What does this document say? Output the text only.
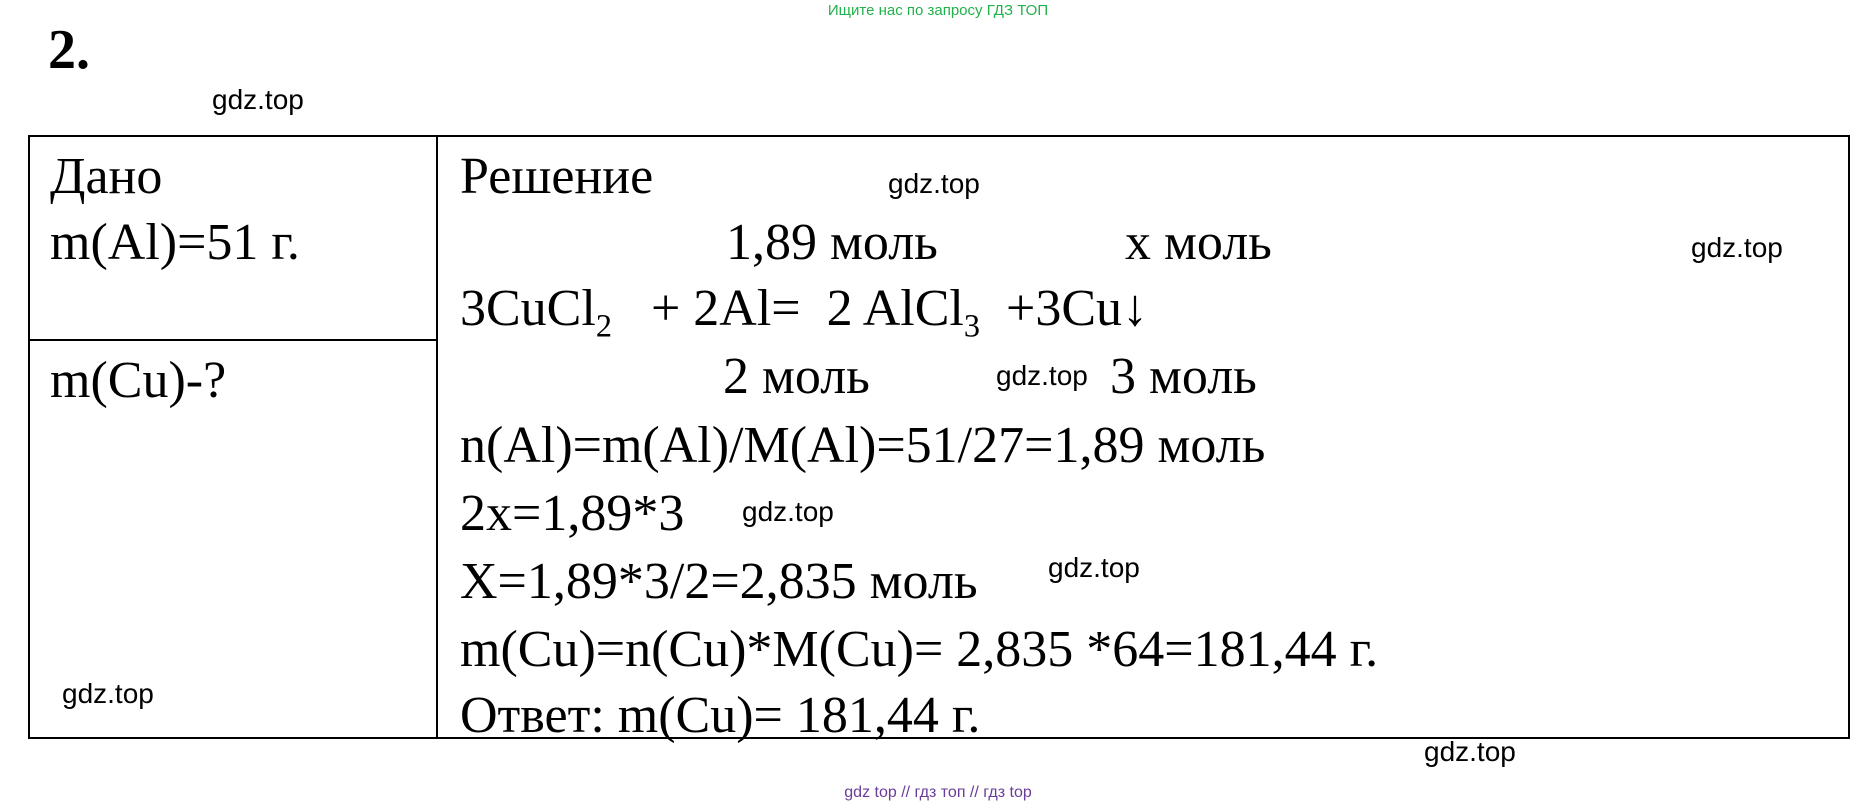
Ищите нас по запросу ГДЗ ТОП
2.
gdz.top
Дано
m(Al)=51 г.
m(Cu)-?
Решение
1,89 моль	x моль
3CuCl$_2$   + 2Al=  2 AlCl$_3$  +3Cu↓
2 моль	3 моль
n(Al)=m(Al)/M(Al)=51/27=1,89 моль
2x=1,89*3
X=1,89*3/2=2,835 моль
m(Cu)=n(Cu)*M(Cu)= 2,835 *64=181,44 г.
Ответ: m(Cu)= 181,44 г.
gdz.top
gdz.top
gdz.top
gdz.top
gdz.top
gdz.top
gdz.top
gdz top // гдз топ // гдз top
